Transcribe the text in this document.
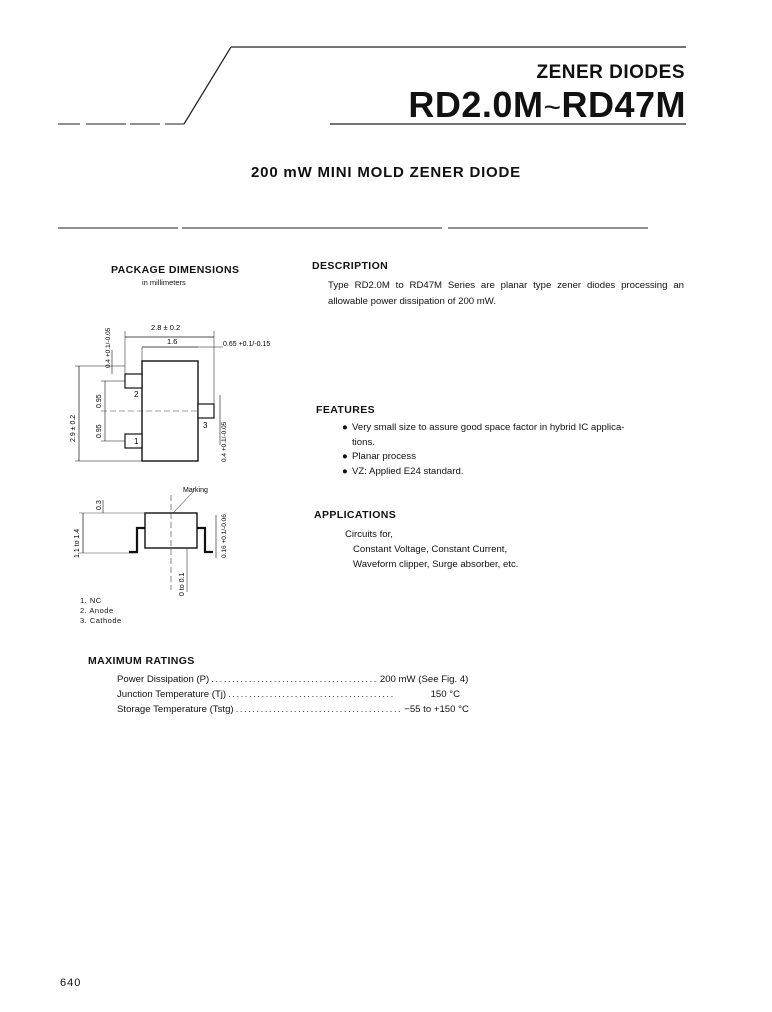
ZENER DIODES
RD2.0M~RD47M
200 mW MINI MOLD ZENER DIODE
PACKAGE DIMENSIONS
in millimeters
2
1
3
2.8 ± 0.2
1.6	0.65 +0.1/-0.15
0.4 +0.1/-0.05
2.9 ± 0.2
0.95
0.95	0.4 +0.1/-0.05
0.3
1.1 to 1.4	0.16 +0.1/-0.06
0 to 0.1
Marking
1. NC
2. Anode
3. Cathode
DESCRIPTION
Type RD2.0M to RD47M Series are planar type zener diodes processing an allowable power dissipation of 200 mW.
FEATURES
● Very small size to assure good space factor in hybrid IC applica-
tions.
● Planar process
● VZ: Applied E24 standard.
APPLICATIONS
Circuits for,
Constant Voltage, Constant Current,
Waveform clipper, Surge absorber, etc.
MAXIMUM RATINGS
Power Dissipation (P) ........................................ 200 mW (See Fig. 4)
Junction Temperature (Tj) ........................................	150 °C
Storage Temperature (Tstg) ........................................ −55 to +150 °C
640
